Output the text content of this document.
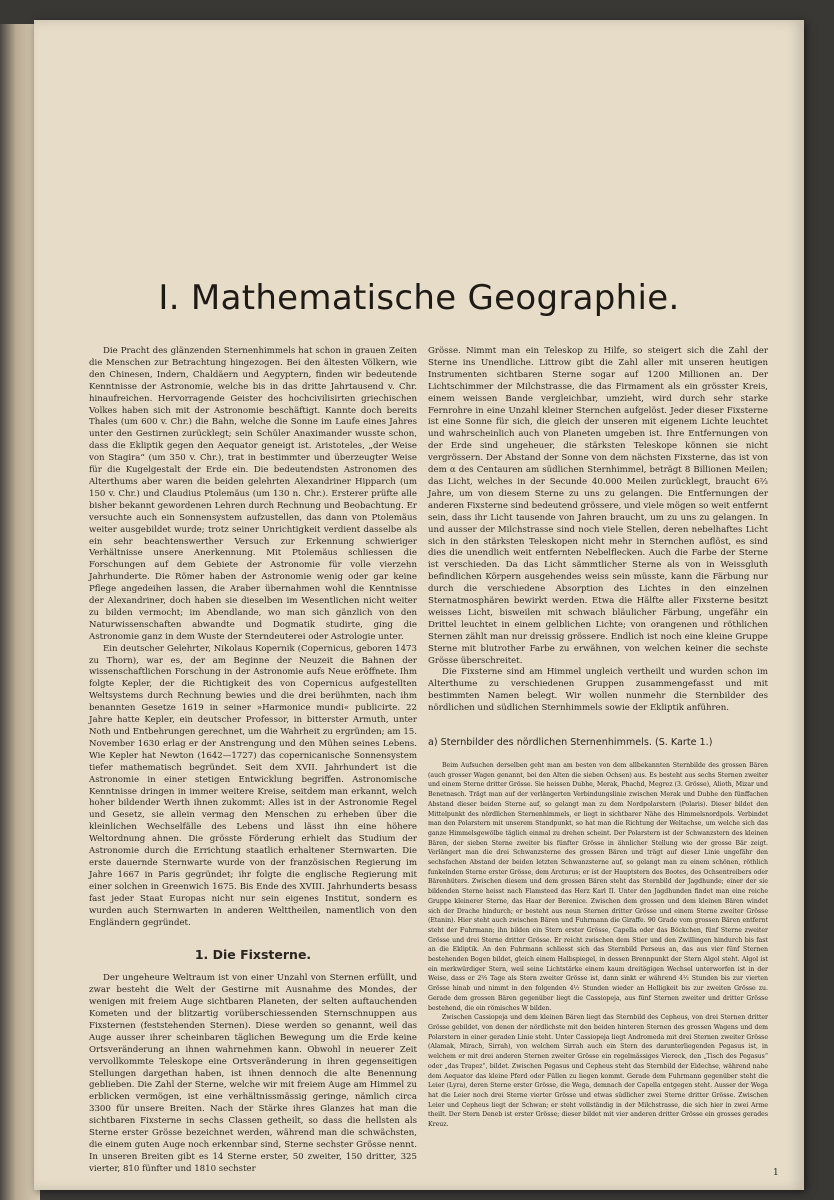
I. Mathematische Geographie.

Die Pracht des glänzenden Sternenhimmels hat schon in grauen Zeiten die Menschen zur Betrachtung hingezogen. Bei den ältesten Völkern, wie den Chinesen, Indern, Chaldäern und Aegyptern, finden wir bedeutende Kenntnisse der Astronomie, welche bis in das dritte Jahrtausend v. Chr. hinaufreichen. Hervorragende Geister des hochcivilisirten griechischen Volkes haben sich mit der Astronomie beschäftigt. Kannte doch bereits Thales (um 600 v. Chr.) die Bahn, welche die Sonne im Laufe eines Jahres unter den Gestirnen zurücklegt; sein Schüler Anaximander wusste schon, dass die Ekliptik gegen den Aequator geneigt ist. Aristoteles, „der Weise von Stagira“ (um 350 v. Chr.), trat in bestimmter und überzeugter Weise für die Kugelgestalt der Erde ein. Die bedeutendsten Astronomen des Alterthums aber waren die beiden gelehrten Alexandriner Hipparch (um 150 v. Chr.) und Claudius Ptolemäus (um 130 n. Chr.). Ersterer prüfte alle bisher bekannt gewordenen Lehren durch Rechnung und Beobachtung. Er versuchte auch ein Sonnensystem aufzustellen, das dann von Ptolemäus weiter ausgebildet wurde; trotz seiner Unrichtigkeit verdient dasselbe als ein sehr beachtenswerther Versuch zur Erkennung schwieriger Verhältnisse unsere Anerkennung. Mit Ptolemäus schliessen die Forschungen auf dem Gebiete der Astronomie für volle vierzehn Jahrhunderte. Die Römer haben der Astronomie wenig oder gar keine Pflege angedeihen lassen, die Araber übernahmen wohl die Kenntnisse der Alexandriner, doch haben sie dieselben im Wesentlichen nicht weiter zu bilden vermocht; im Abendlande, wo man sich gänzlich von den Naturwissenschaften abwandte und Dogmatik studirte, ging die Astronomie ganz in dem Wuste der Sterndeuterei oder Astrologie unter.

Ein deutscher Gelehrter, Nikolaus Kopernik (Copernicus, geboren 1473 zu Thorn), war es, der am Beginne der Neuzeit die Bahnen der wissenschaftlichen Forschung in der Astronomie aufs Neue eröffnete. Ihm folgte Kepler, der die Richtigkeit des von Copernicus aufgestellten Weltsystems durch Rechnung bewies und die drei berühmten, nach ihm benannten Gesetze 1619 in seiner »Harmonice mundi« publicirte. 22 Jahre hatte Kepler, ein deutscher Professor, in bitterster Armuth, unter Noth und Entbehrungen gerechnet, um die Wahrheit zu ergründen; am 15. November 1630 erlag er der Anstrengung und den Mühen seines Lebens. Wie Kepler hat Newton (1642—1727) das copernicanische Sonnensystem tiefer mathematisch begründet. Seit dem XVII. Jahrhundert ist die Astronomie in einer stetigen Entwicklung begriffen. Astronomische Kenntnisse dringen in immer weitere Kreise, seitdem man erkannt, welch hoher bildender Werth ihnen zukommt: Alles ist in der Astronomie Regel und Gesetz, sie allein vermag den Menschen zu erheben über die kleinlichen Wechselfälle des Lebens und lässt ihn eine höhere Weltordnung ahnen. Die grösste Förderung erhielt das Studium der Astronomie durch die Errichtung staatlich erhaltener Sternwarten. Die erste dauernde Sternwarte wurde von der französischen Regierung im Jahre 1667 in Paris gegründet; ihr folgte die englische Regierung mit einer solchen in Greenwich 1675. Bis Ende des XVIII. Jahrhunderts besass fast jeder Staat Europas nicht nur sein eigenes Institut, sondern es wurden auch Sternwarten in anderen Welttheilen, namentlich von den Engländern gegründet.

1. Die Fixsterne.

Der ungeheure Weltraum ist von einer Unzahl von Sternen erfüllt, und zwar besteht die Welt der Gestirne mit Ausnahme des Mondes, der wenigen mit freiem Auge sichtbaren Planeten, der selten auftauchenden Kometen und der blitzartig vorüberschiessenden Sternschnuppen aus Fixsternen (feststehenden Sternen). Diese werden so genannt, weil das Auge ausser ihrer scheinbaren täglichen Bewegung um die Erde keine Ortsveränderung an ihnen wahrnehmen kann. Obwohl in neuerer Zeit vervollkommte Teleskope eine Ortsveränderung in ihren gegenseitigen Stellungen dargethan haben, ist ihnen dennoch die alte Benennung geblieben. Die Zahl der Sterne, welche wir mit freiem Auge am Himmel zu erblicken vermögen, ist eine verhältnissmässig geringe, nämlich circa 3300 für unsere Breiten. Nach der Stärke ihres Glanzes hat man die sichtbaren Fixsterne in sechs Classen getheilt, so dass die hellsten als Sterne erster Grösse bezeichnet werden, während man die schwächsten, die einem guten Auge noch erkennbar sind, Sterne sechster Grösse nennt. In unseren Breiten gibt es 14 Sterne erster, 50 zweiter, 150 dritter, 325 vierter, 810 fünfter und 1810 sechster

Grösse. Nimmt man ein Teleskop zu Hilfe, so steigert sich die Zahl der Sterne ins Unendliche. Littrow gibt die Zahl aller mit unseren heutigen Instrumenten sichtbaren Sterne sogar auf 1200 Millionen an. Der Lichtschimmer der Milchstrasse, die das Firmament als ein grösster Kreis, einem weissen Bande vergleichbar, umzieht, wird durch sehr starke Fernrohre in eine Unzahl kleiner Sternchen aufgelöst. Jeder dieser Fixsterne ist eine Sonne für sich, die gleich der unseren mit eigenem Lichte leuchtet und wahrscheinlich auch von Planeten umgeben ist. Ihre Entfernungen von der Erde sind ungeheuer, die stärksten Teleskope können sie nicht vergrössern. Der Abstand der Sonne von dem nächsten Fixsterne, das ist von dem α des Centauren am südlichen Sternhimmel, beträgt 8 Billionen Meilen; das Licht, welches in der Secunde 40.000 Meilen zurücklegt, braucht 6⅔ Jahre, um von diesem Sterne zu uns zu gelangen. Die Entfernungen der anderen Fixsterne sind bedeutend grössere, und viele mögen so weit entfernt sein, dass ihr Licht tausende von Jahren braucht, um zu uns zu gelangen. In und ausser der Milchstrasse sind noch viele Stellen, deren nebelhaftes Licht sich in den stärksten Teleskopen nicht mehr in Sternchen auflöst, es sind dies die unendlich weit entfernten Nebelflecken. Auch die Farbe der Sterne ist verschieden. Da das Licht sämmtlicher Sterne als von in Weissgluth befindlichen Körpern ausgehendes weiss sein müsste, kann die Färbung nur durch die verschiedene Absorption des Lichtes in den einzelnen Sternatmosphären bewirkt werden. Etwa die Hälfte aller Fixsterne besitzt weisses Licht, bisweilen mit schwach bläulicher Färbung, ungefähr ein Drittel leuchtet in einem gelblichen Lichte; von orangenen und röthlichen Sternen zählt man nur dreissig grössere. Endlich ist noch eine kleine Gruppe Sterne mit blutrother Farbe zu erwähnen, von welchen keiner die sechste Grösse überschreitet.

Die Fixsterne sind am Himmel ungleich vertheilt und wurden schon im Alterthume zu verschiedenen Gruppen zusammengefasst und mit bestimmten Namen belegt. Wir wollen nunmehr die Sternbilder des nördlichen und südlichen Sternhimmels sowie der Ekliptik anführen.

a) Sternbilder des nördlichen Sternenhimmels. (S. Karte 1.)

Beim Aufsuchen derselben geht man am besten von dem allbekannten Sternbilde des grossen Bären (auch grosser Wagen genannt, bei den Alten die sieben Ochsen) aus. Es besteht aus sechs Sternen zweiter und einem Sterne dritter Grösse. Sie heissen Dubhe, Merak, Phachd, Megrez (3. Grösse), Alioth, Mizar und Benetnasch. Trägt man auf der verlängerten Verbindungslinie zwischen Merak und Dubhe den fünffachen Abstand dieser beiden Sterne auf, so gelangt man zu dem Nordpolarstern (Polaris). Dieser bildet den Mittelpunkt des nördlichen Sternenhimmels, er liegt in sichtbarer Nähe des Himmelsnordpols. Verbindet man den Polarstern mit unserem Standpunkt, so hat man die Richtung der Weltachse, um welche sich das ganze Himmelsgewölbe täglich einmal zu drehen scheint. Der Polarstern ist der Schwanzstern des kleinen Bären, der sieben Sterne zweiter bis fünfter Grösse in ähnlicher Stellung wie der grosse Bär zeigt. Verlängert man die drei Schwanzsterne des grossen Bären und trägt auf dieser Linie ungefähr den sechsfachen Abstand der beiden letzten Schwanzsterne auf, so gelangt man zu einem schönen, röthlich funkelnden Sterne erster Grösse, dem Arcturus; er ist der Hauptstern des Bootes, des Ochsentreibers oder Bärenhüters. Zwischen diesem und dem grossen Bären steht das Sternbild der Jagdhunde; einer der sie bildenden Sterne heisst nach Flamsteed das Herz Karl II. Unter den Jagdhunden findet man eine reiche Gruppe kleinerer Sterne, das Haar der Berenice. Zwischen dem grossen und dem kleinen Bären windet sich der Drache hindurch; er besteht aus neun Sternen dritter Grösse und einem Sterne zweiter Grösse (Etanin). Hier steht auch zwischen Bären und Fuhrmann die Giraffe. 90 Grade vom grossen Bären entfernt steht der Fuhrmann; ihn bilden ein Stern erster Grösse, Capella oder das Böckchen, fünf Sterne zweiter Grösse und drei Sterne dritter Grösse. Er reicht zwischen dem Stier und den Zwillingen hindurch bis fast an die Ekliptik. An den Fuhrmann schliesst sich das Sternbild Perseus an, das aus vier fünf Sternen bestehenden Bogen bildet, gleich einem Halbspiegel, in dessen Brennpunkt der Stern Algol steht. Algol ist ein merkwürdiger Stern, weil seine Lichtstärke einem kaum dreitägigen Wechsel unterworfen ist in der Weise, dass er 2⅔ Tage als Stern zweiter Grösse ist, dann sinkt er während 4½ Stunden bis zur vierten Grösse hinab und nimmt in den folgenden 4½ Stunden wieder an Helligkeit bis zur zweiten Grösse zu. Gerade dem grossen Bären gegenüber liegt die Cassiopeja, aus fünf Sternen zweiter und dritter Grösse bestehend, die ein römisches W bilden.

Zwischen Cassiopeja und dem kleinen Bären liegt das Sternbild des Cepheus, von drei Sternen dritter Grösse gebildet, von denen der nördlichste mit den beiden hinteren Sternen des grossen Wagens und dem Polarstern in einer geraden Linie steht. Unter Cassiopeja liegt Andromeda mit drei Sternen zweiter Grösse (Alamak, Mirach, Sirrah), von welchem Sirrah auch ein Stern des darunterliegenden Pegasus ist, in welchem er mit drei anderen Sternen zweiter Grösse ein regelmässiges Viereck, den „Tisch des Pegasus“ oder „das Trapez“, bildet. Zwischen Pegasus und Cepheus steht das Sternbild der Eidechse, während nahe dem Aequator das kleine Pferd oder Füllen zu liegen kommt. Gerade dem Fuhrmann gegenüber steht die Leier (Lyra), deren Sterne erster Grösse, die Wega, demnach der Capella entgegen steht. Ausser der Wega hat die Leier noch drei Sterne vierter Grösse und etwas südlicher zwei Sterne dritter Grösse. Zwischen Leier und Cepheus liegt der Schwan; er steht vollständig in der Milchstrasse, die sich hier in zwei Arme theilt. Der Stern Deneb ist erster Grösse; dieser bildet mit vier anderen dritter Grösse ein grosses gerades Kreuz.

1
